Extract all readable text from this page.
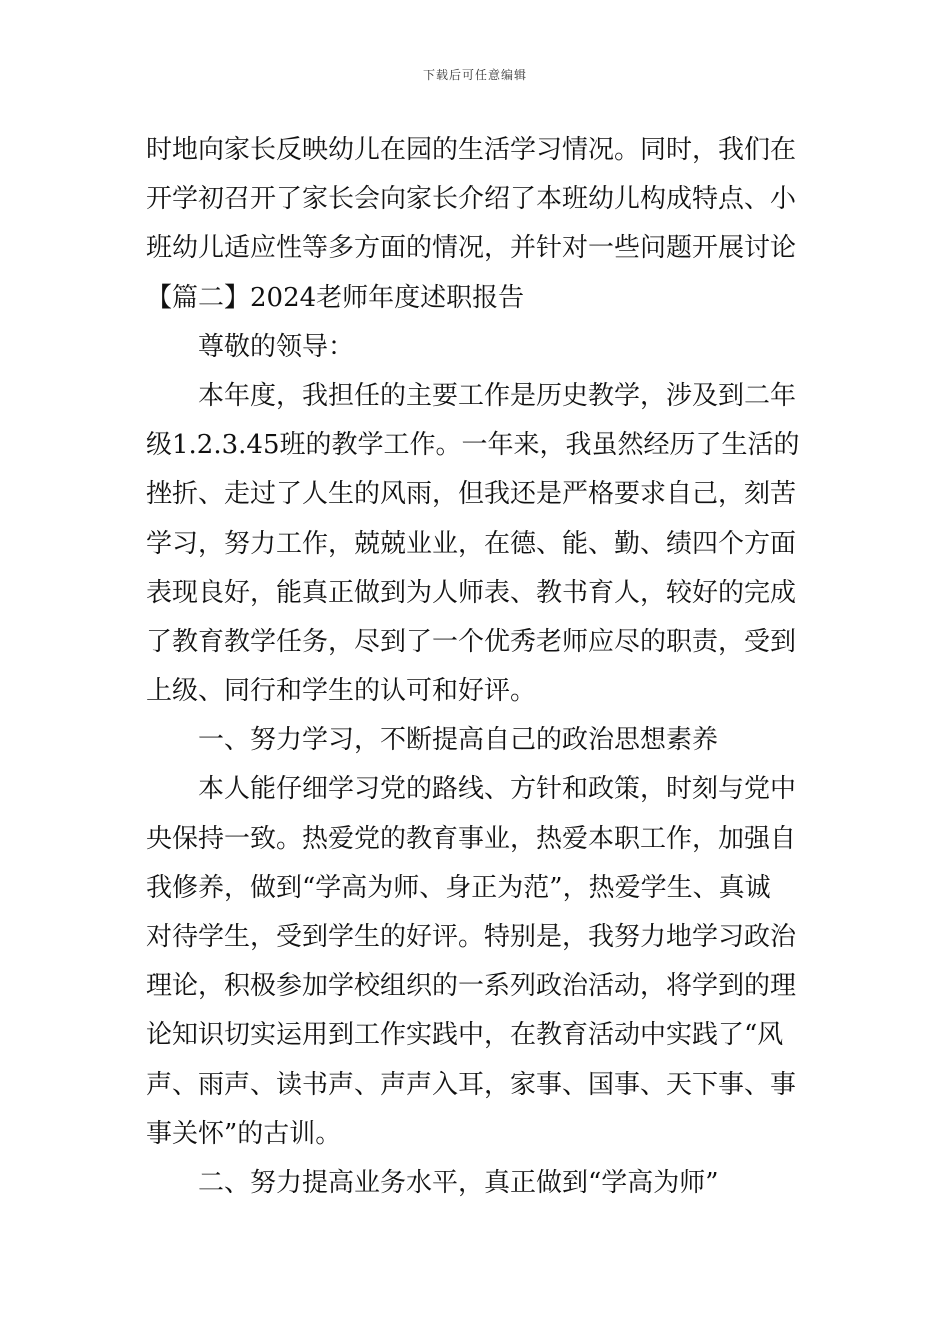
下载后可任意编辑
时地向家长反映幼儿在园的生活学习情况。同时，我们在
开学初召开了家长会向家长介绍了本班幼儿构成特点、小
班幼儿适应性等多方面的情况，并针对一些问题开展讨论
【篇二】2024老师年度述职报告
尊敬的领导：
本年度，我担任的主要工作是历史教学，涉及到二年
级1.2.3.45班的教学工作。一年来，我虽然经历了生活的
挫折、走过了人生的风雨，但我还是严格要求自己，刻苦
学习，努力工作，兢兢业业，在德、能、勤、绩四个方面
表现良好，能真正做到为人师表、教书育人，较好的完成
了教育教学任务，尽到了一个优秀老师应尽的职责，受到
上级、同行和学生的认可和好评。
一、努力学习，不断提高自己的政治思想素养
本人能仔细学习党的路线、方针和政策，时刻与党中
央保持一致。热爱党的教育事业，热爱本职工作，加强自
我修养，做到“学高为师、身正为范”，热爱学生、真诚
对待学生，受到学生的好评。特别是，我努力地学习政治
理论，积极参加学校组织的一系列政治活动，将学到的理
论知识切实运用到工作实践中，在教育活动中实践了“风
声、雨声、读书声、声声入耳，家事、国事、天下事、事
事关怀”的古训。
二、努力提高业务水平，真正做到“学高为师”
